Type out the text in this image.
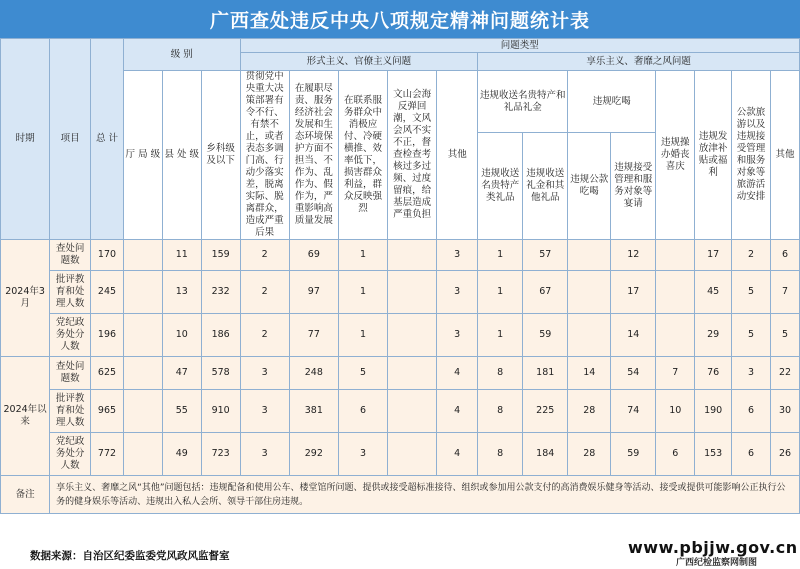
广西查处违反中央八项规定精神问题统计表
时期	项目	总 计	级 别			问题类型												
						形式主义、官僚主义问题					享乐主义、奢靡之风问题							
			厅 局 级	县 处 级	乡科级及以下	贯彻党中央重大决策部署有令不行、有禁不止，或者表态多调门高、行动少落实差，脱离实际、脱离群众，造成严重后果	在履职尽责、服务经济社会发展和生态环境保护方面不担当、不作为、乱作为、假作为，严重影响高质量发展	在联系服务群众中消极应付、冷硬横推、效率低下，损害群众利益，群众反映强烈	文山会海反弹回潮，文风会风不实不正，督查检查考核过多过频、过度留痕，给基层造成严重负担	其他	违规收送名贵特产和礼品礼金		违规吃喝		违规操办婚丧喜庆	违规发放津补贴或福利	公款旅游以及违规接受管理和服务对象等旅游活动安排	其他
											违规收送名贵特产类礼品	违规收送礼金和其他礼品	违规公款吃喝	违规接受管理和服务对象等宴请				

2024年3月	查处问题数	170		11	159	2	69	1		3	1	57		12		17	2	6
	批评教育和处理人数	245		13	232	2	97	1		3	1	67		17		45	5	7
	党纪政务处分人数	196		10	186	2	77	1		3	1	59		14		29	5	5
2024年以来	查处问题数	625		47	578	3	248	5		4	8	181	14	54	7	76	3	22
	批评教育和处理人数	965		55	910	3	381	6		4	8	225	28	74	10	190	6	30
	党纪政务处分人数	772		49	723	3	292	3		4	8	184	28	59	6	153	6	26
备注	享乐主义、奢靡之风“其他”问题包括：违规配备和使用公车、楼堂馆所问题、提供或接受超标准接待、组织或参加用公款支付的高消费娱乐健身等活动、接受或提供可能影响公正执行公务的健身娱乐等活动、违规出入私人会所、领导干部住房违规。																	
数据来源：自治区纪委监委党风政风监督室	www.pbjjw.gov.cn
广西纪检监察网制图
